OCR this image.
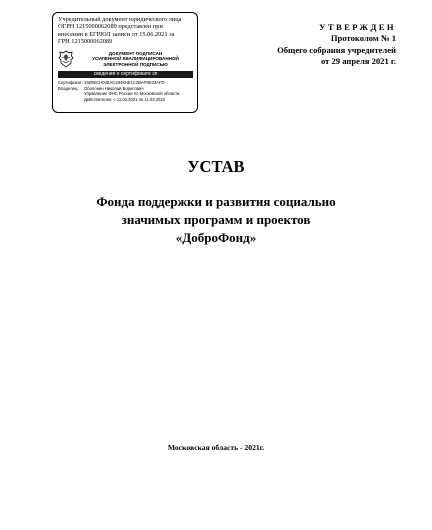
Учредительный документ юридического лица
ОГРН 1215000062089 представлен при
внесении в ЕГРЮЛ записи от 15.06.2021 за
ГРН 1215000062089
ДОКУМЕНТ ПОДПИСАН
УСИЛЕННОЙ КВАЛИФИЦИРОВАННОЙ
ЭЛЕКТРОННОЙ ПОДПИСЬЮ
сведения о сертификате эп
Сертификат: 1920ECH00EAC2948HE1C2BAF9E33AFD
Владелец:	Оболонин Николай Борисович
Управление ФНС России по Московской области
Действителен: с 11.03.2021 по 11.03.2022
УТВЕРЖДЕН
Протоколом № 1
Общего собрания учредителей
от 29 апреля 2021 г.
УСТАВ
Фонда поддержки и развития социально
значимых программ и проектов
«ДоброФонд»
Московская область - 2021г.
